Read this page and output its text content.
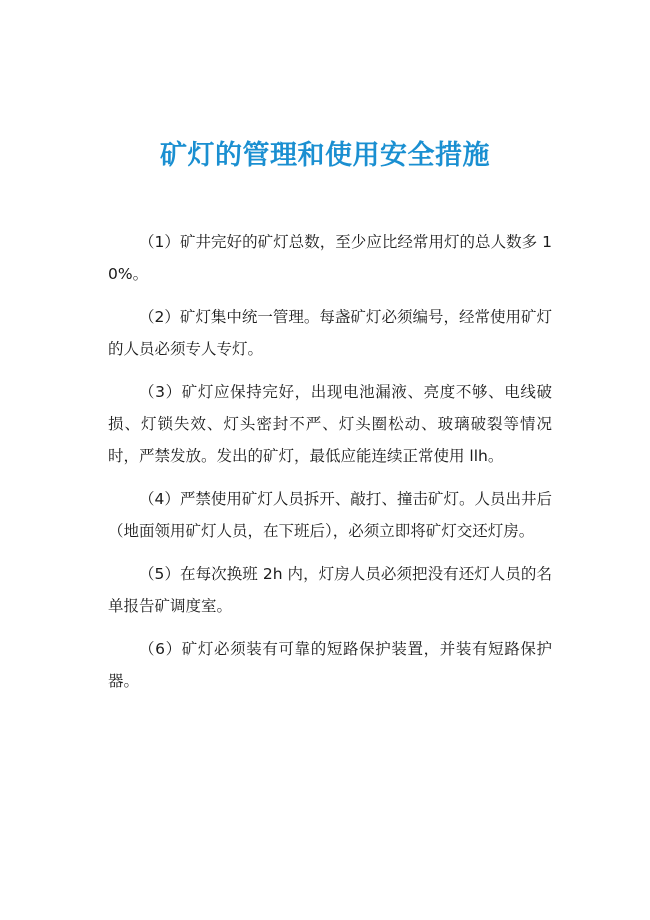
矿灯的管理和使用安全措施

（1）矿井完好的矿灯总数，至少应比经常用灯的总人数多 10%。

（2）矿灯集中统一管理。每盏矿灯必须编号，经常使用矿灯的人员必须专人专灯。

（3）矿灯应保持完好，出现电池漏液、亮度不够、电线破损、灯锁失效、灯头密封不严、灯头圈松动、玻璃破裂等情况时，严禁发放。发出的矿灯，最低应能连续正常使用 llh。

（4）严禁使用矿灯人员拆开、敲打、撞击矿灯。人员出井后（地面领用矿灯人员，在下班后），必须立即将矿灯交还灯房。

（5）在每次换班 2h 内，灯房人员必须把没有还灯人员的名单报告矿调度室。

（6）矿灯必须装有可靠的短路保护装置，并装有短路保护器。
